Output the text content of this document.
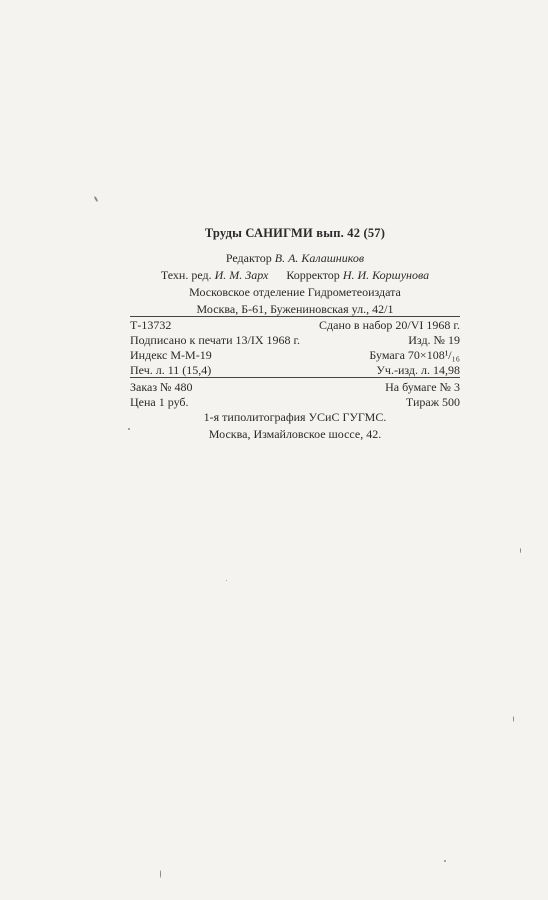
Труды САНИГМИ вып. 42 (57)
Редактор В. А. Калашников
Техн. ред. И. М. Зарх Корректор Н. И. Коршунова
Московское отделение Гидрометеоиздата
Москва, Б-61, Бужениновская ул., 42/1
Т-13732	Сдано в набор 20/VI 1968 г.
Подписано к печати 13/IX 1968 г.	Изд. № 19
Индекс М-М-19	Бумага 70×108¹/₁₆
Печ. л. 11 (15,4)	Уч.-изд. л. 14,98
Заказ № 480	На бумаге № 3
Цена 1 руб.	Тираж 500
1-я типолитография УСиС ГУГМС.
Москва, Измайловское шоссе, 42.
